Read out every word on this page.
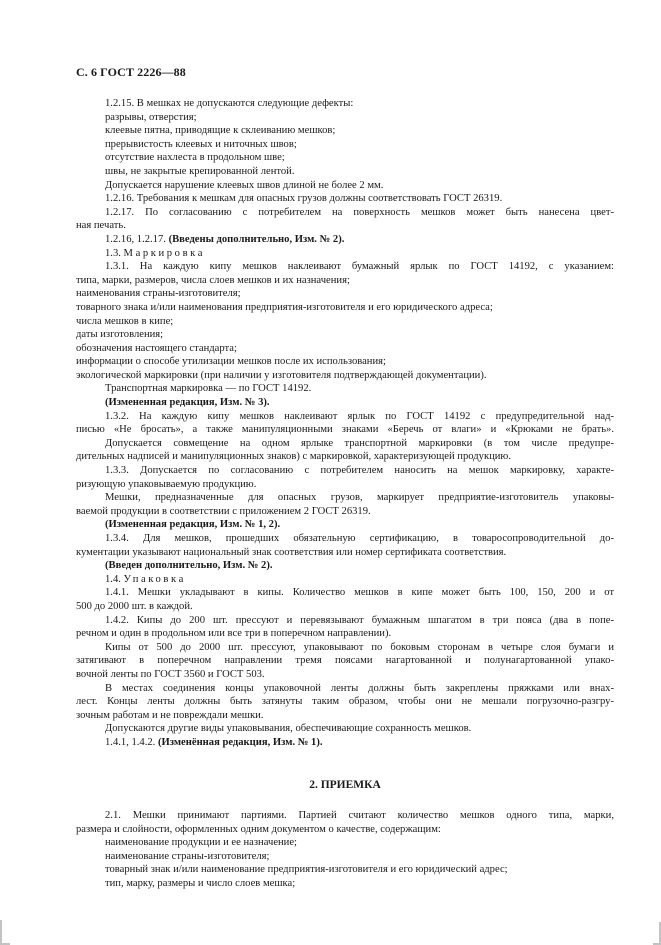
С. 6 ГОСТ 2226—88
1.2.15. В мешках не допускаются следующие дефекты:
разрывы, отверстия;
клеевые пятна, приводящие к склеиванию мешков;
прерывистость клеевых и ниточных швов;
отсутствие нахлеста в продольном шве;
швы, не закрытые крепированной лентой.
Допускается нарушение клеевых швов длиной не более 2 мм.
1.2.16. Требования к мешкам для опасных грузов должны соответствовать ГОСТ 26319.
1.2.17. По согласованию с потребителем на поверхность мешков может быть нанесена цвет-
ная печать.
1.2.16, 1.2.17. (Введены дополнительно, Изм. № 2).
1.3. Маркировка
1.3.1. На каждую кипу мешков наклеивают бумажный ярлык по ГОСТ 14192, с указанием:
типа, марки, размеров, числа слоев мешков и их назначения;
наименования страны-изготовителя;
товарного знака и/или наименования предприятия-изготовителя и его юридического адреса;
числа мешков в кипе;
даты изготовления;
обозначения настоящего стандарта;
информации о способе утилизации мешков после их использования;
экологической маркировки (при наличии у изготовителя подтверждающей документации).
Транспортная маркировка — по ГОСТ 14192.
(Измененная редакция, Изм. № 3).
1.3.2. На каждую кипу мешков наклеивают ярлык по ГОСТ 14192 с предупредительной над-
писью «Не бросать», а также манипуляционными знаками «Беречь от влаги» и «Крюками не брать».
Допускается совмещение на одном ярлыке транспортной маркировки (в том числе предупре-
дительных надписей и манипуляционных знаков) с маркировкой, характеризующей продукцию.
1.3.3. Допускается по согласованию с потребителем наносить на мешок маркировку, характе-
ризующую упаковываемую продукцию.
Мешки, предназначенные для опасных грузов, маркирует предприятие-изготовитель упаковы-
ваемой продукции в соответствии с приложением 2 ГОСТ 26319.
(Измененная редакция, Изм. № 1, 2).
1.3.4. Для мешков, прошедших обязательную сертификацию, в товаросопроводительной до-
кументации указывают национальный знак соответствия или номер сертификата соответствия.
(Введен дополнительно, Изм. № 2).
1.4. Упаковка
1.4.1. Мешки укладывают в кипы. Количество мешков в кипе может быть 100, 150, 200 и от
500 до 2000 шт. в каждой.
1.4.2. Кипы до 200 шт. прессуют и перевязывают бумажным шпагатом в три пояса (два в попе-
речном и один в продольном или все три в поперечном направлении).
Кипы от 500 до 2000 шт. прессуют, упаковывают по боковым сторонам в четыре слоя бумаги и
затягивают в поперечном направлении тремя поясами нагартованной и полунагартованной упако-
вочной ленты по ГОСТ 3560 и ГОСТ 503.
В местах соединения концы упаковочной ленты должны быть закреплены пряжками или внах-
лест. Концы ленты должны быть затянуты таким образом, чтобы они не мешали погрузочно-разгру-
зочным работам и не повреждали мешки.
Допускаются другие виды упаковывания, обеспечивающие сохранность мешков.
1.4.1, 1.4.2. (Изменённая редакция, Изм. № 1).
2. ПРИЕМКА
2.1. Мешки принимают партиями. Партией считают количество мешков одного типа, марки,
размера и слойности, оформленных одним документом о качестве, содержащим:
наименование продукции и ее назначение;
наименование страны-изготовителя;
товарный знак и/или наименование предприятия-изготовителя и его юридический адрес;
тип, марку, размеры и число слоев мешка;
